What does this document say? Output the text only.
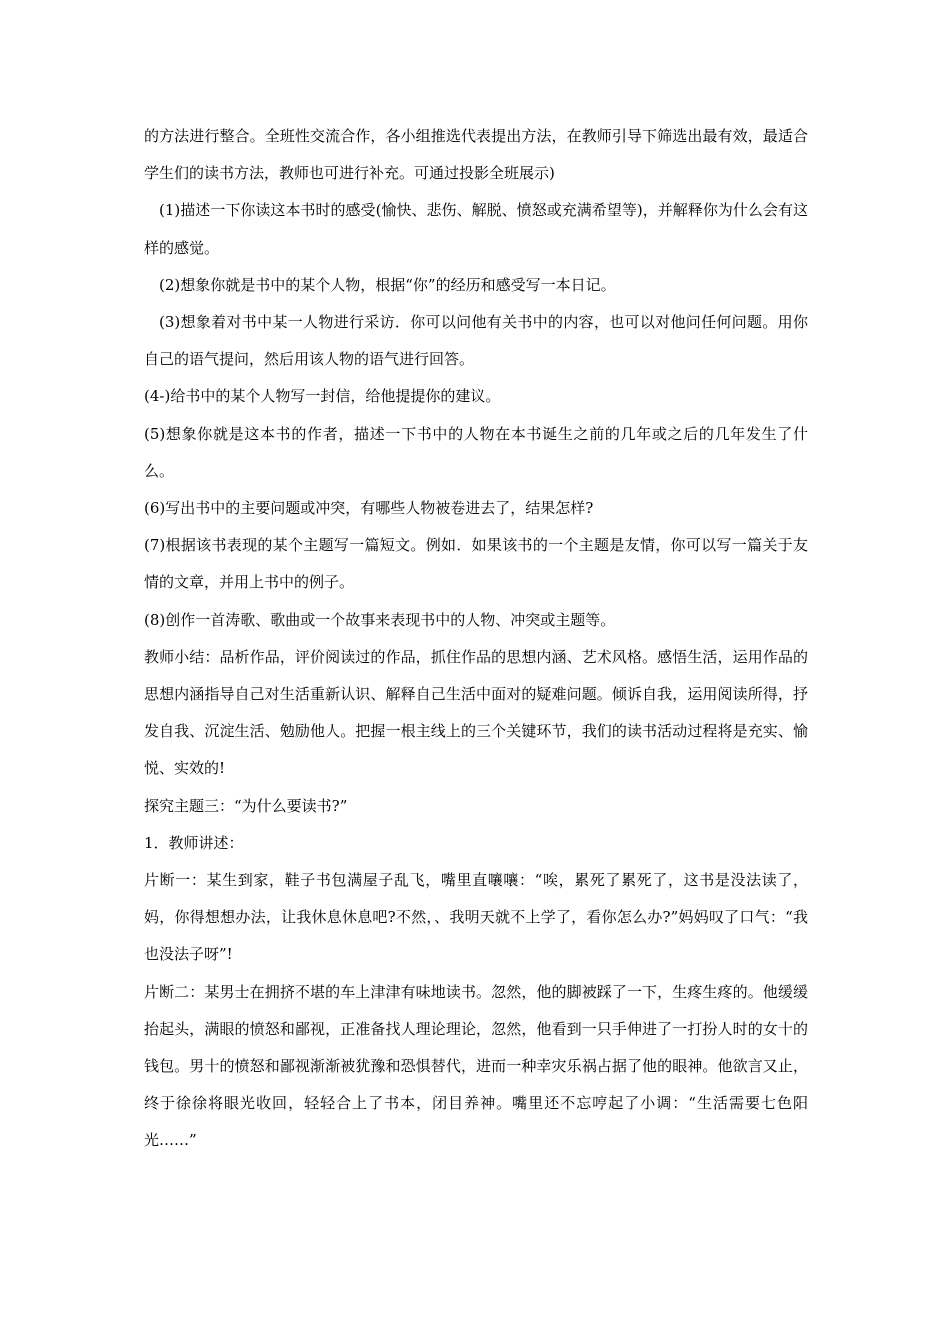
的方法进行整合。全班性交流合作，各小组推选代表提出方法，在教师引导下筛选出最有效，最适合学生们的读书方法，教师也可进行补充。可通过投影全班展示)

(1)描述一下你读这本书时的感受(愉快、悲伤、解脱、愤怒或充满希望等)，并解释你为什么会有这样的感觉。

(2)想象你就是书中的某个人物，根据“你”的经历和感受写一本日记。

(3)想象着对书中某一人物进行采访．你可以问他有关书中的内容，也可以对他问任何问题。用你自己的语气提问，然后用该人物的语气进行回答。

(4-)给书中的某个人物写一封信，给他提提你的建议。

(5)想象你就是这本书的作者，描述一下书中的人物在本书诞生之前的几年或之后的几年发生了什么。

(6)写出书中的主要问题或冲突，有哪些人物被卷进去了，结果怎样?

(7)根据该书表现的某个主题写一篇短文。例如．如果该书的一个主题是友情，你可以写一篇关于友情的文章，并用上书中的例子。

(8)创作一首涛歌、歌曲或一个故事来表现书中的人物、冲突或主题等。

教师小结：品析作品，评价阅读过的作品，抓住作品的思想内涵、艺术风格。感悟生活，运用作品的思想内涵指导自己对生活重新认识、解释自己生活中面对的疑难问题。倾诉自我，运用阅读所得，抒发自我、沉淀生活、勉励他人。把握一根主线上的三个关键环节，我们的读书活动过程将是充实、愉悦、实效的!

探究主题三：“为什么要读书?”

1．教师讲述：

片断一：某生到家，鞋子书包满屋子乱飞，嘴里直嚷嚷：“唉，累死了累死了，这书是没法读了，妈，你得想想办法，让我休息休息吧?不然，、我明天就不上学了，看你怎么办?”妈妈叹了口气：“我也没法子呀”!

片断二：某男士在拥挤不堪的车上津津有味地读书。忽然，他的脚被踩了一下，生疼生疼的。他缓缓抬起头，满眼的愤怒和鄙视，正准备找人理论理论，忽然，他看到一只手伸进了一打扮人时的女十的钱包。男十的愤怒和鄙视渐渐被犹豫和恐惧替代，进而一种幸灾乐祸占据了他的眼神。他欲言又止，终于徐徐将眼光收回，轻轻合上了书本，闭目养神。嘴里还不忘哼起了小调：“生活需要七色阳光……”
